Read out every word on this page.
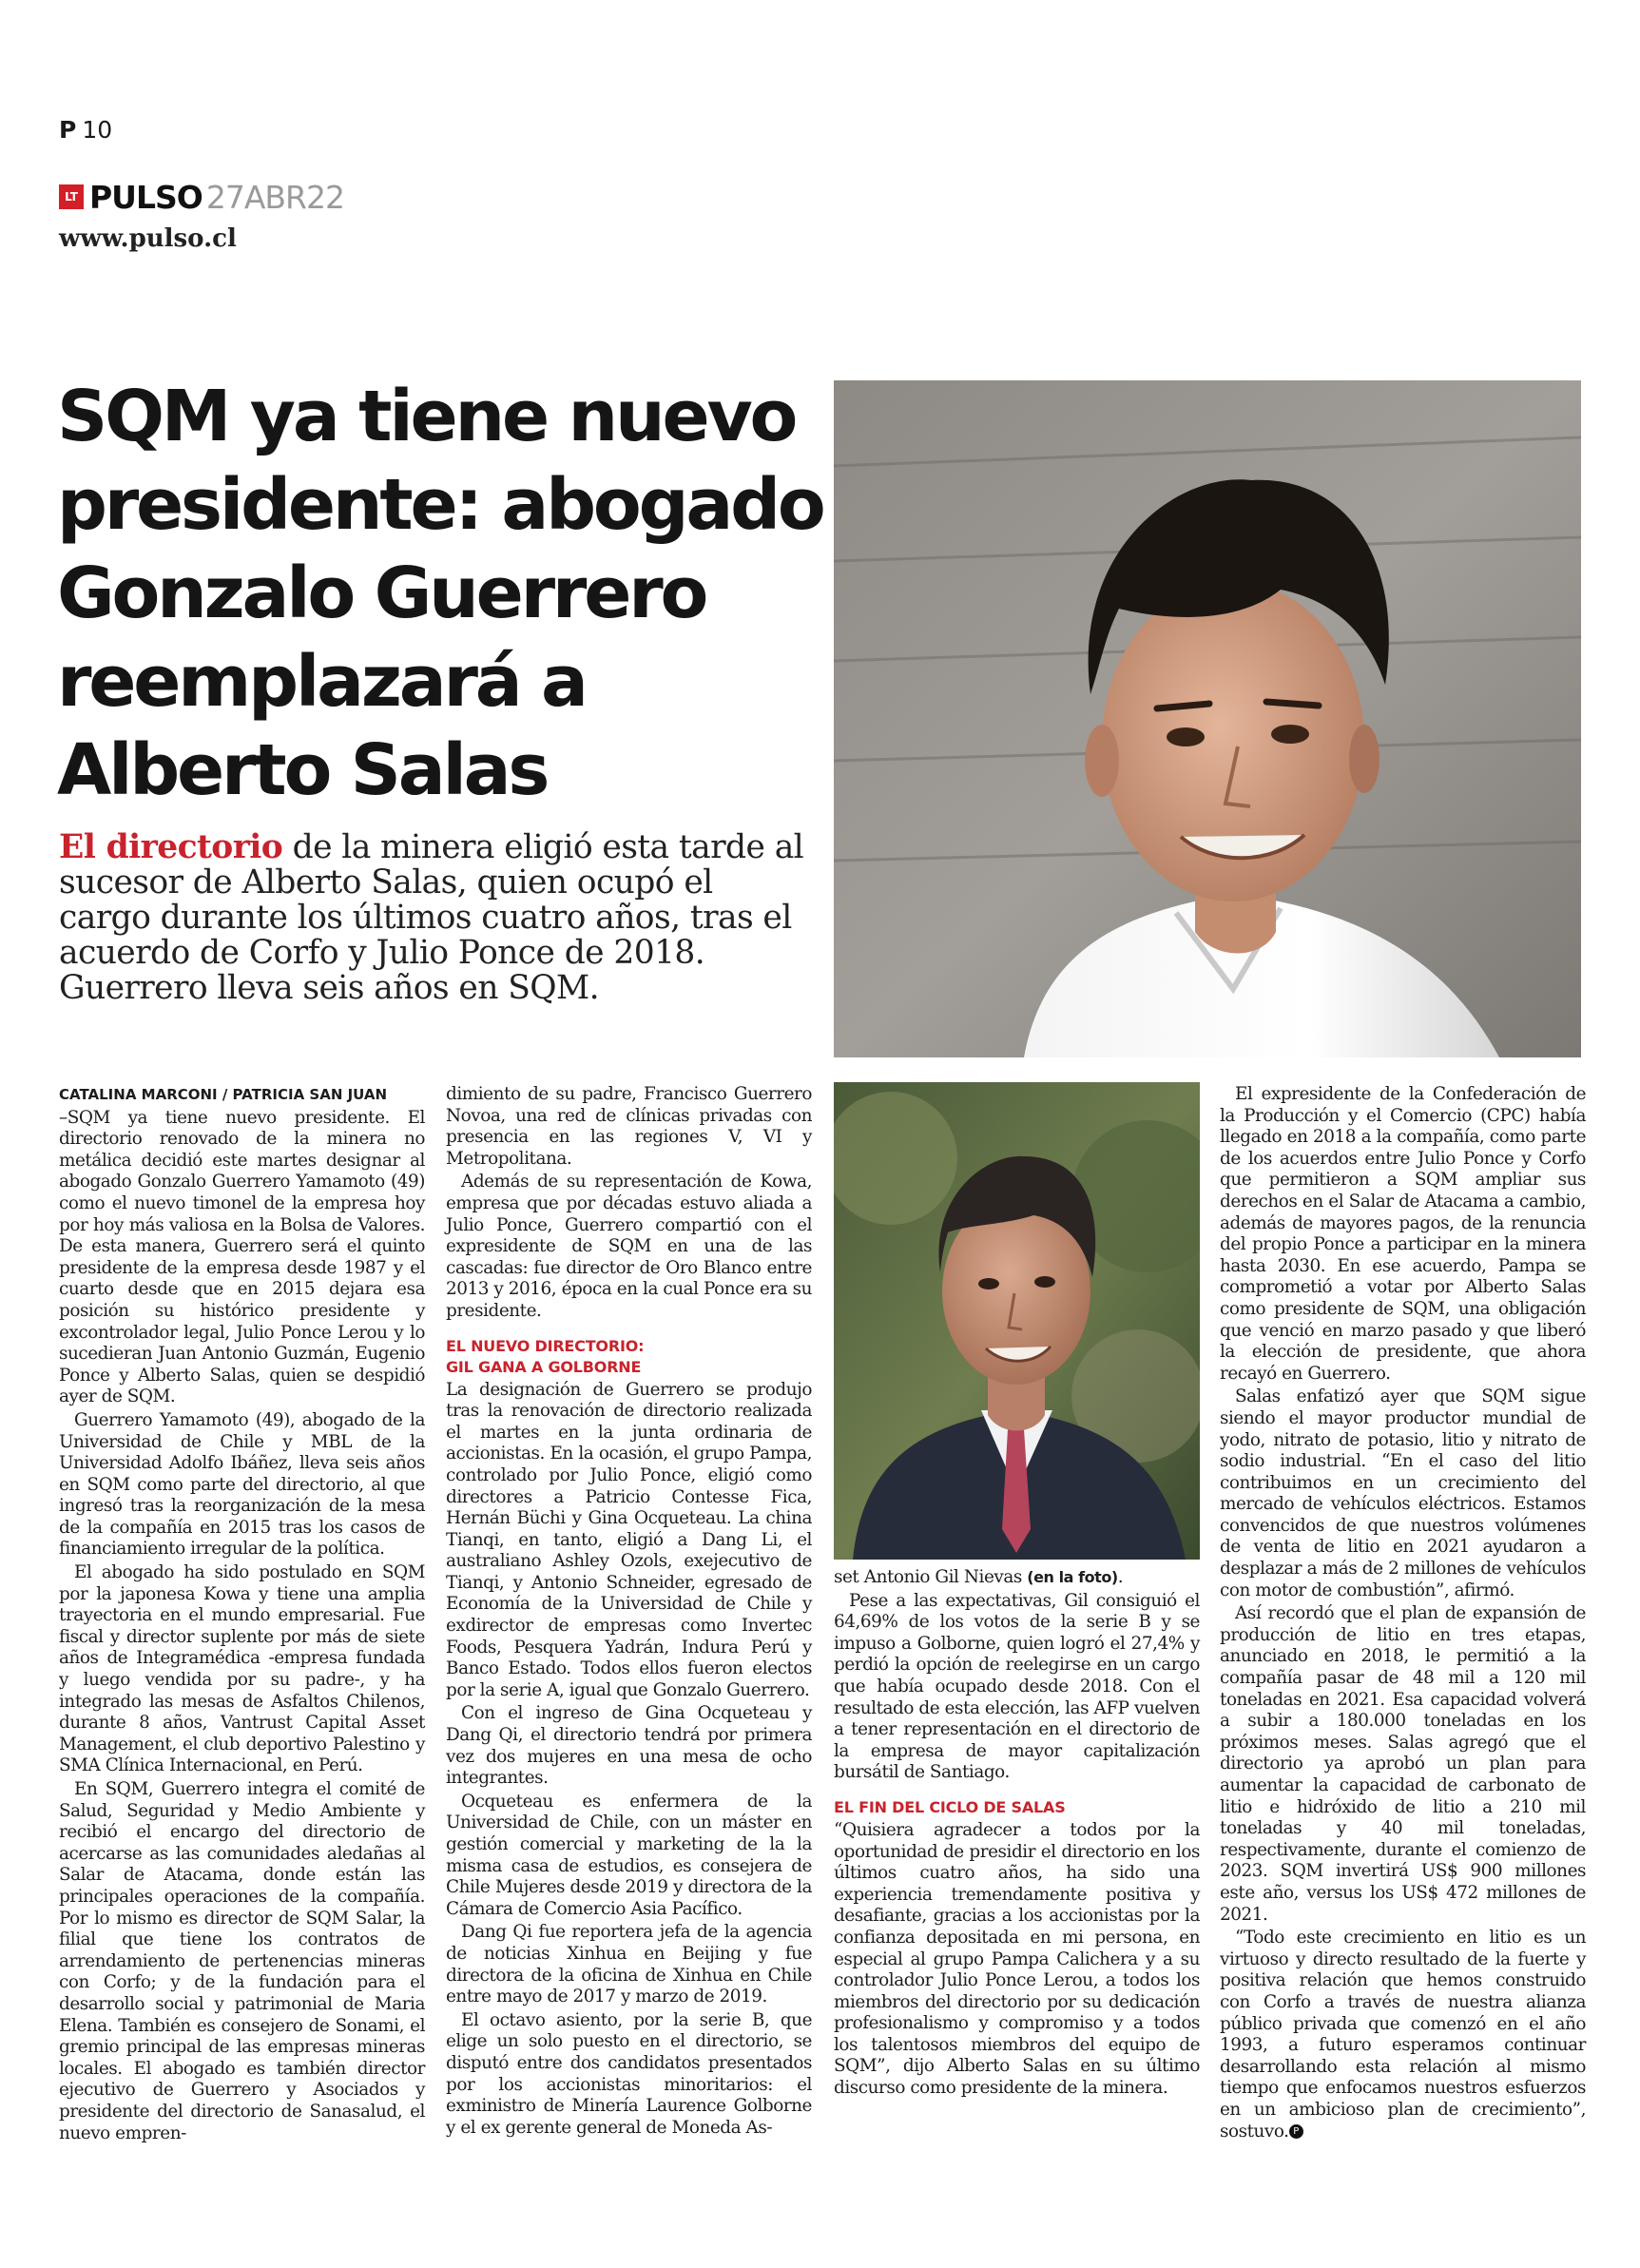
P 10
LT PULSO 27ABR22
www.pulso.cl
SQM ya tiene nuevo presidente: abogado Gonzalo Guerrero reemplazará a Alberto Salas

El directorio de la minera eligió esta tarde al sucesor de Alberto Salas, quien ocupó el cargo durante los últimos cuatro años, tras el acuerdo de Corfo y Julio Ponce de 2018. Guerrero lleva seis años en SQM.

CATALINA MARCONI / PATRICIA SAN JUAN

–SQM ya tiene nuevo presidente. El directorio renovado de la minera no metálica decidió este martes designar al abogado Gonzalo Guerrero Yamamoto (49) como el nuevo timonel de la empresa hoy por hoy más valiosa en la Bolsa de Valores. De esta manera, Guerrero será el quinto presidente de la empresa desde 1987 y el cuarto desde que en 2015 dejara esa posición su histórico presidente y excontrolador legal, Julio Ponce Lerou y lo sucedieran Juan Antonio Guzmán, Eugenio Ponce y Alberto Salas, quien se despidió ayer de SQM.

Guerrero Yamamoto (49), abogado de la Universidad de Chile y MBL de la Universidad Adolfo Ibáñez, lleva seis años en SQM como parte del directorio, al que ingresó tras la reorganización de la mesa de la compañía en 2015 tras los casos de financiamiento irregular de la política.

El abogado ha sido postulado en SQM por la japonesa Kowa y tiene una amplia trayectoria en el mundo empresarial. Fue fiscal y director suplente por más de siete años de Integramédica -empresa fundada y luego vendida por su padre-, y ha integrado las mesas de Asfaltos Chilenos, durante 8 años, Vantrust Capital Asset Management, el club deportivo Palestino y SMA Clínica Internacional, en Perú.

En SQM, Guerrero integra el comité de Salud, Seguridad y Medio Ambiente y recibió el encargo del directorio de acercarse as las comunidades aledañas al Salar de Atacama, donde están las principales operaciones de la compañía. Por lo mismo es director de SQM Salar, la filial que tiene los contratos de arrendamiento de pertenencias mineras con Corfo; y de la fundación para el desarrollo social y patrimonial de Maria Elena. También es consejero de Sonami, el gremio principal de las empresas mineras locales. El abogado es también director ejecutivo de Guerrero y Asociados y presidente del directorio de Sanasalud, el nuevo empren-

dimiento de su padre, Francisco Guerrero Novoa, una red de clínicas privadas con presencia en las regiones V, VI y Metropolitana.

Además de su representación de Kowa, empresa que por décadas estuvo aliada a Julio Ponce, Guerrero compartió con el expresidente de SQM en una de las cascadas: fue director de Oro Blanco entre 2013 y 2016, época en la cual Ponce era su presidente.

EL NUEVO DIRECTORIO:
GIL GANA A GOLBORNE

La designación de Guerrero se produjo tras la renovación de directorio realizada el martes en la junta ordinaria de accionistas. En la ocasión, el grupo Pampa, controlado por Julio Ponce, eligió como directores a Patricio Contesse Fica, Hernán Büchi y Gina Ocqueteau. La china Tianqi, en tanto, eligió a Dang Li, el australiano Ashley Ozols, exejecutivo de Tianqi, y Antonio Schneider, egresado de Economía de la Universidad de Chile y exdirector de empresas como Invertec Foods, Pesquera Yadrán, Indura Perú y Banco Estado. Todos ellos fueron electos por la serie A, igual que Gonzalo Guerrero.

Con el ingreso de Gina Ocqueteau y Dang Qi, el directorio tendrá por primera vez dos mujeres en una mesa de ocho integrantes.

Ocqueteau es enfermera de la Universidad de Chile, con un máster en gestión comercial y marketing de la la misma casa de estudios, es consejera de Chile Mujeres desde 2019 y directora de la Cámara de Comercio Asia Pacífico.

Dang Qi fue reportera jefa de la agencia de noticias Xinhua en Beijing y fue directora de la oficina de Xinhua en Chile entre mayo de 2017 y marzo de 2019.

El octavo asiento, por la serie B, que elige un solo puesto en el directorio, se disputó entre dos candidatos presentados por los accionistas minoritarios: el exministro de Minería Laurence Golborne y el ex gerente general de Moneda As-

set Antonio Gil Nievas (en la foto).

Pese a las expectativas, Gil consiguió el 64,69% de los votos de la serie B y se impuso a Golborne, quien logró el 27,4% y perdió la opción de reelegirse en un cargo que había ocupado desde 2018. Con el resultado de esta elección, las AFP vuelven a tener representación en el directorio de la empresa de mayor capitalización bursátil de Santiago.

EL FIN DEL CICLO DE SALAS

“Quisiera agradecer a todos por la oportunidad de presidir el directorio en los últimos cuatro años, ha sido una experiencia tremendamente positiva y desafiante, gracias a los accionistas por la confianza depositada en mi persona, en especial al grupo Pampa Calichera y a su controlador Julio Ponce Lerou, a todos los miembros del directorio por su dedicación profesionalismo y compromiso y a todos los talentosos miembros del equipo de SQM”, dijo Alberto Salas en su último discurso como presidente de la minera.

El expresidente de la Confederación de la Producción y el Comercio (CPC) había llegado en 2018 a la compañía, como parte de los acuerdos entre Julio Ponce y Corfo que permitieron a SQM ampliar sus derechos en el Salar de Atacama a cambio, además de mayores pagos, de la renuncia del propio Ponce a participar en la minera hasta 2030. En ese acuerdo, Pampa se comprometió a votar por Alberto Salas como presidente de SQM, una obligación que venció en marzo pasado y que liberó la elección de presidente, que ahora recayó en Guerrero.

Salas enfatizó ayer que SQM sigue siendo el mayor productor mundial de yodo, nitrato de potasio, litio y nitrato de sodio industrial. “En el caso del litio contribuimos en un crecimiento del mercado de vehículos eléctricos. Estamos convencidos de que nuestros volúmenes de venta de litio en 2021 ayudaron a desplazar a más de 2 millones de vehículos con motor de combustión”, afirmó.

Así recordó que el plan de expansión de producción de litio en tres etapas, anunciado en 2018, le permitió a la compañía pasar de 48 mil a 120 mil toneladas en 2021. Esa capacidad volverá a subir a 180.000 toneladas en los próximos meses. Salas agregó que el directorio ya aprobó un plan para aumentar la capacidad de carbonato de litio e hidróxido de litio a 210 mil toneladas y 40 mil toneladas, respectivamente, durante el comienzo de 2023. SQM invertirá US$ 900 millones este año, versus los US$ 472 millones de 2021.

“Todo este crecimiento en litio es un virtuoso y directo resultado de la fuerte y positiva relación que hemos construido con Corfo a través de nuestra alianza público privada que comenzó en el año 1993, a futuro esperamos continuar desarrollando esta relación al mismo tiempo que enfocamos nuestros esfuerzos en un ambicioso plan de crecimiento”, sostuvo. P
